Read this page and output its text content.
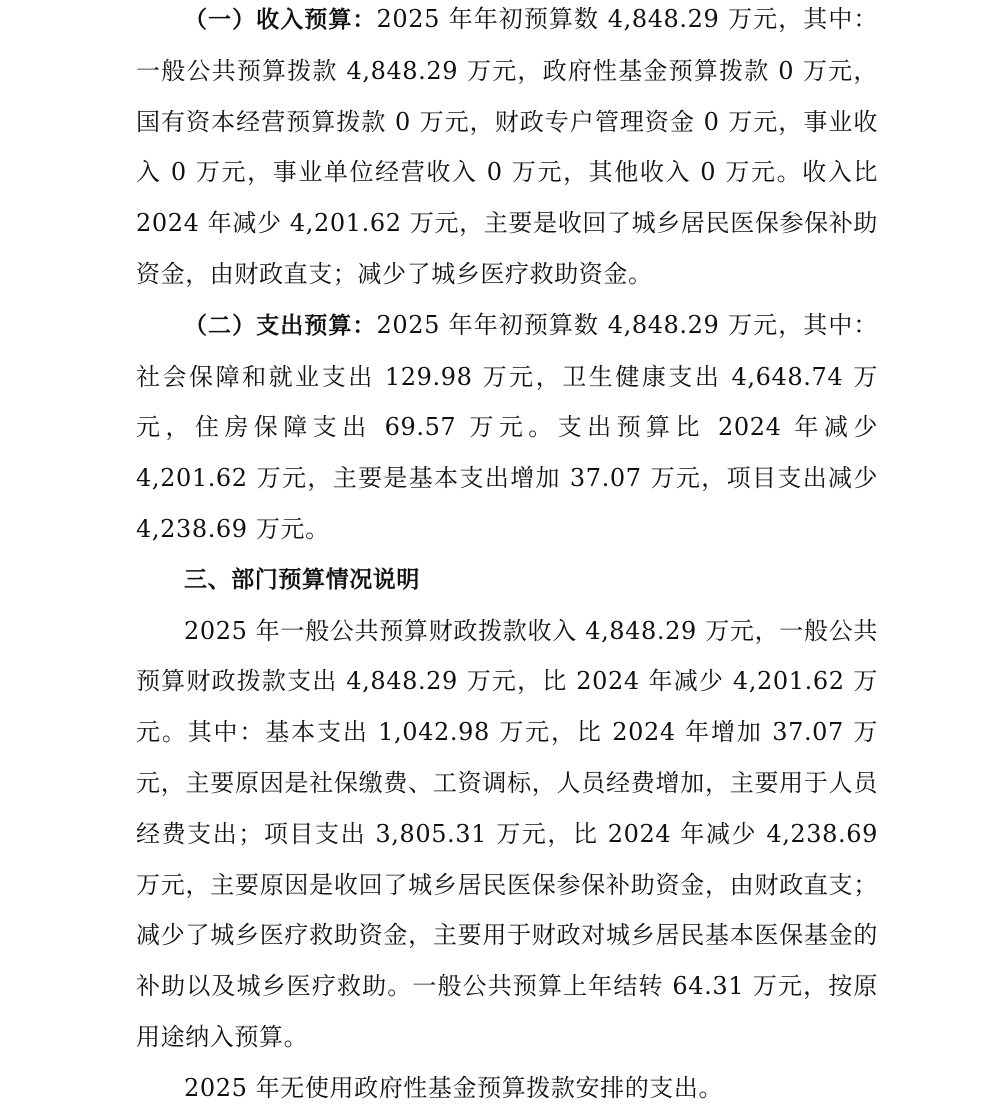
（一）收入预算：2025 年年初预算数 4,848.29 万元，其中：一般公共预算拨款 4,848.29 万元，政府性基金预算拨款 0 万元，国有资本经营预算拨款 0 万元，财政专户管理资金 0 万元，事业收入 0 万元，事业单位经营收入 0 万元，其他收入 0 万元。收入比 2024 年减少 4,201.62 万元，主要是收回了城乡居民医保参保补助资金，由财政直支；减少了城乡医疗救助资金。

（二）支出预算：2025 年年初预算数 4,848.29 万元，其中：社会保障和就业支出 129.98 万元，卫生健康支出 4,648.74 万元，住房保障支出 69.57 万元。支出预算比 2024 年减少 4,201.62 万元，主要是基本支出增加 37.07 万元，项目支出减少 4,238.69 万元。

三、部门预算情况说明

2025 年一般公共预算财政拨款收入 4,848.29 万元，一般公共预算财政拨款支出 4,848.29 万元，比 2024 年减少 4,201.62 万元。其中：基本支出 1,042.98 万元，比 2024 年增加 37.07 万元，主要原因是社保缴费、工资调标，人员经费增加，主要用于人员经费支出；项目支出 3,805.31 万元，比 2024 年减少 4,238.69 万元，主要原因是收回了城乡居民医保参保补助资金，由财政直支；减少了城乡医疗救助资金，主要用于财政对城乡居民基本医保基金的补助以及城乡医疗救助。一般公共预算上年结转 64.31 万元，按原用途纳入预算。

2025 年无使用政府性基金预算拨款安排的支出。
